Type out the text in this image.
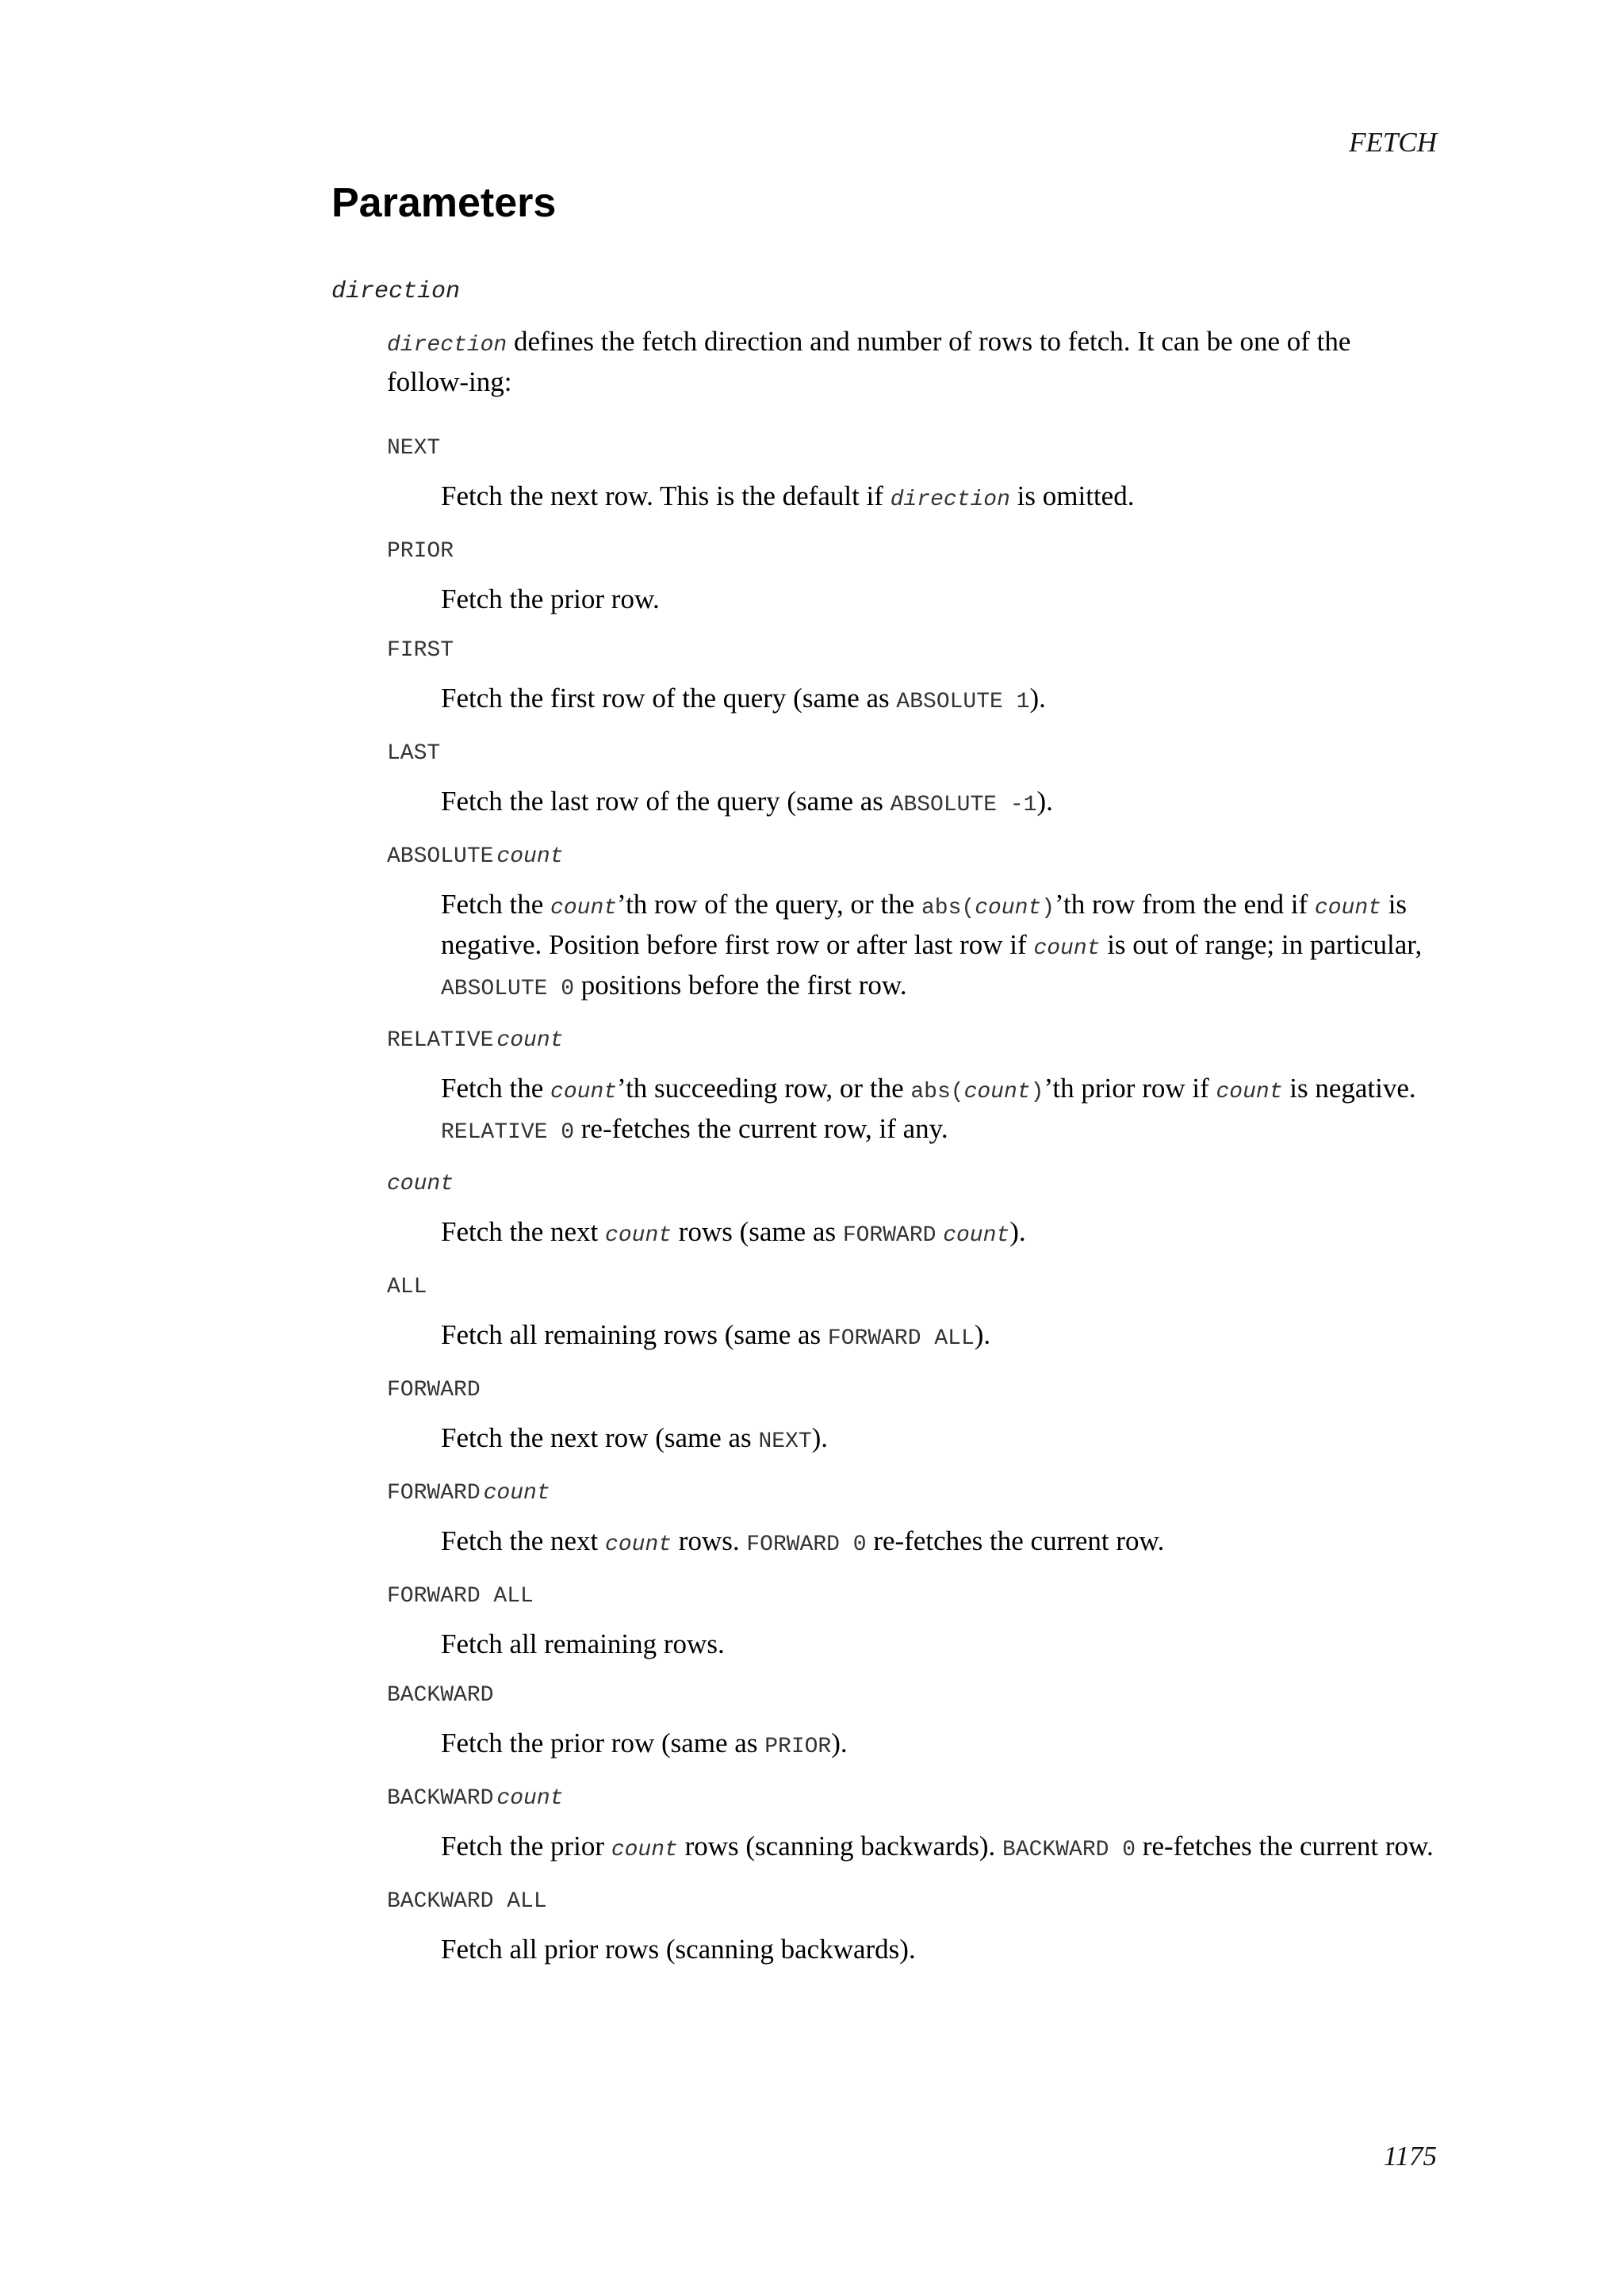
FETCH
Parameters
direction

direction defines the fetch direction and number of rows to fetch. It can be one of the follow-ing:

NEXT

Fetch the next row. This is the default if direction is omitted.

PRIOR

Fetch the prior row.

FIRST

Fetch the first row of the query (same as ABSOLUTE 1).

LAST

Fetch the last row of the query (same as ABSOLUTE -1).

ABSOLUTE count

Fetch the count’th row of the query, or the abs(count)’th row from the end if count is negative. Position before first row or after last row if count is out of range; in particular, ABSOLUTE 0 positions before the first row.

RELATIVE count

Fetch the count’th succeeding row, or the abs(count)’th prior row if count is negative. RELATIVE 0 re-fetches the current row, if any.

count

Fetch the next count rows (same as FORWARD count).

ALL

Fetch all remaining rows (same as FORWARD ALL).

FORWARD

Fetch the next row (same as NEXT).

FORWARD count

Fetch the next count rows. FORWARD 0 re-fetches the current row.

FORWARD ALL

Fetch all remaining rows.

BACKWARD

Fetch the prior row (same as PRIOR).

BACKWARD count

Fetch the prior count rows (scanning backwards). BACKWARD 0 re-fetches the current row.

BACKWARD ALL

Fetch all prior rows (scanning backwards).

1175
